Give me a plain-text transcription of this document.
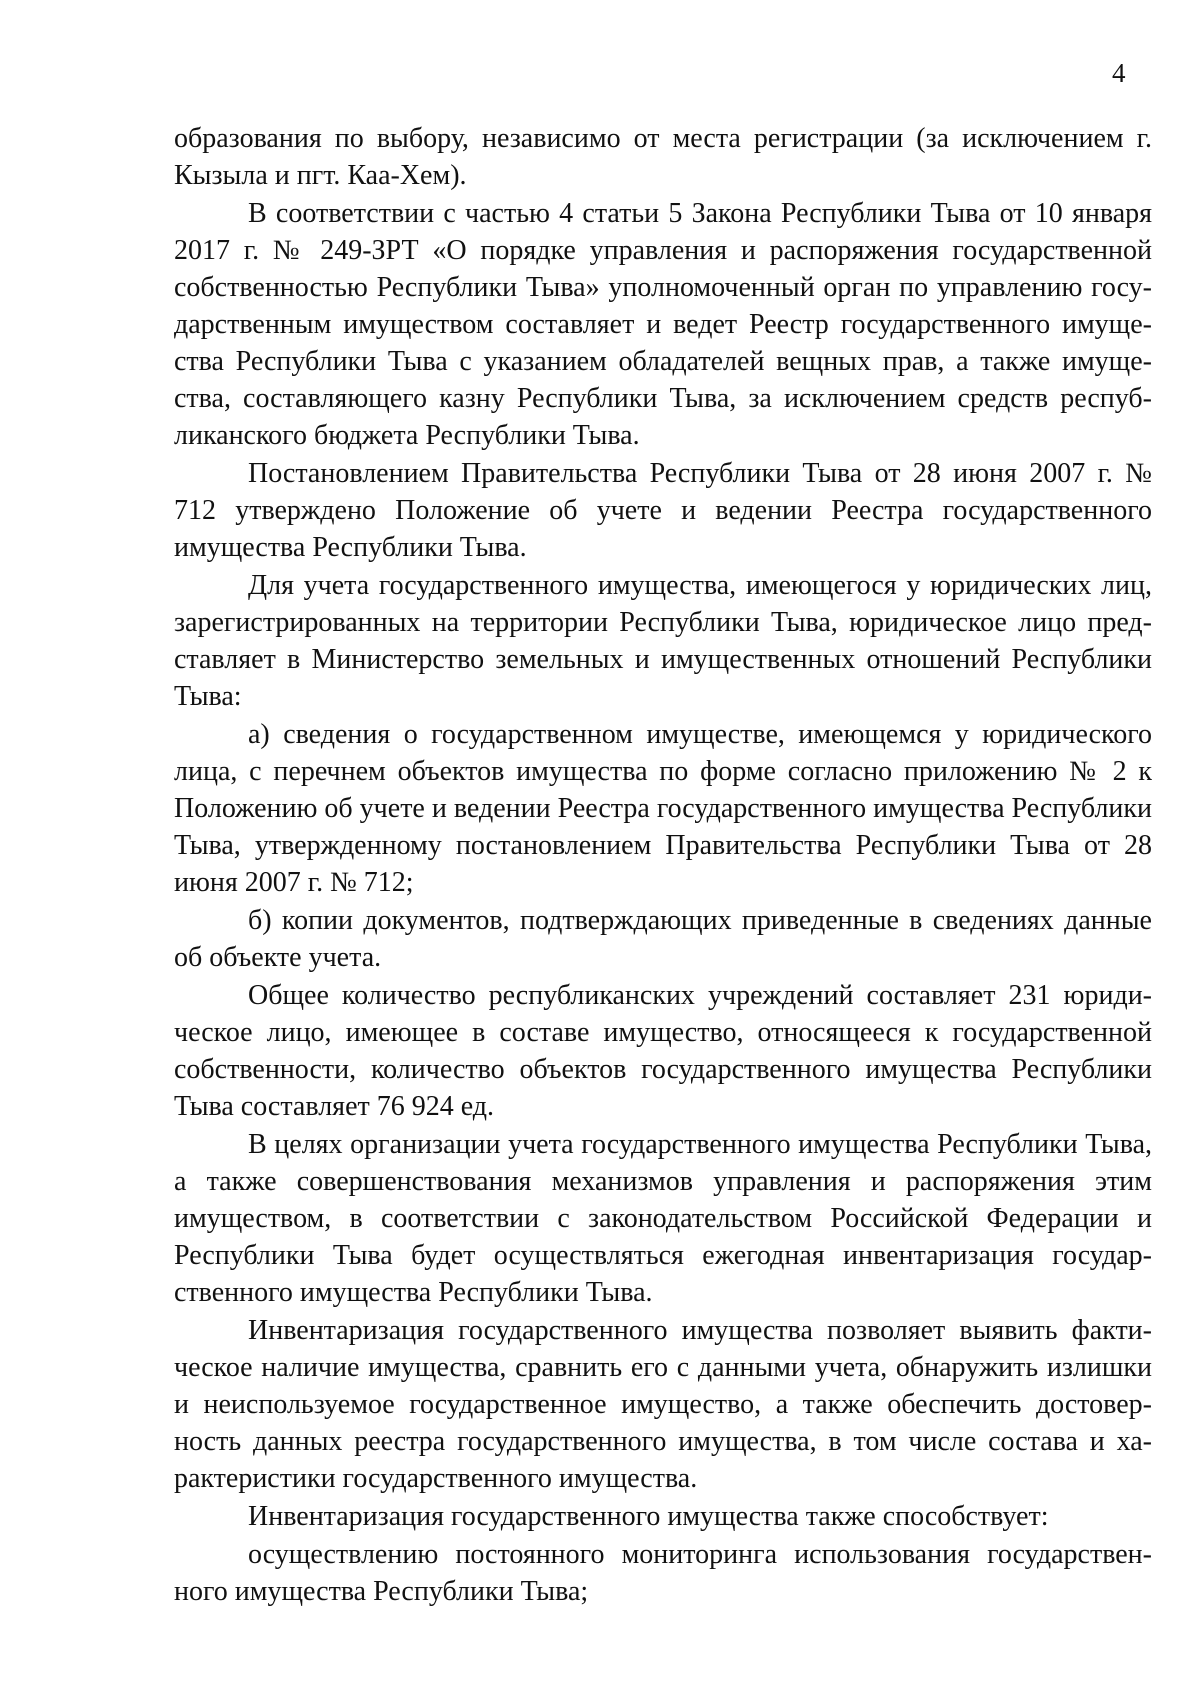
4

образования по выбору, независимо от места регистрации (за исключением г. Кызыла и пгт. Каа-Хем).

В соответствии с частью 4 статьи 5 Закона Республики Тыва от 10 января 2017 г. № 249-ЗРТ «О порядке управления и распоряжения государственной собственностью Республики Тыва» уполномоченный орган по управлению государственным имуществом составляет и ведет Реестр государственного имущества Республики Тыва с указанием обладателей вещных прав, а также имущества, составляющего казну Республики Тыва, за исключением средств республиканского бюджета Республики Тыва.

Постановлением Правительства Республики Тыва от 28 июня 2007 г. № 712 утверждено Положение об учете и ведении Реестра государственного имущества Республики Тыва.

Для учета государственного имущества, имеющегося у юридических лиц, зарегистрированных на территории Республики Тыва, юридическое лицо представляет в Министерство земельных и имущественных отношений Республики Тыва:

а) сведения о государственном имуществе, имеющемся у юридического лица, с перечнем объектов имущества по форме согласно приложению № 2 к Положению об учете и ведении Реестра государственного имущества Республики Тыва, утвержденному постановлением Правительства Республики Тыва от 28 июня 2007 г. № 712;

б) копии документов, подтверждающих приведенные в сведениях данные об объекте учета.

Общее количество республиканских учреждений составляет 231 юридическое лицо, имеющее в составе имущество, относящееся к государственной собственности, количество объектов государственного имущества Республики Тыва составляет 76 924 ед.

В целях организации учета государственного имущества Республики Тыва, а также совершенствования механизмов управления и распоряжения этим имуществом, в соответствии с законодательством Российской Федерации и Республики Тыва будет осуществляться ежегодная инвентаризация государственного имущества Республики Тыва.

Инвентаризация государственного имущества позволяет выявить фактическое наличие имущества, сравнить его с данными учета, обнаружить излишки и неиспользуемое государственное имущество, а также обеспечить достоверность данных реестра государственного имущества, в том числе состава и характеристики государственного имущества.

Инвентаризация государственного имущества также способствует:

осуществлению постоянного мониторинга использования государственного имущества Республики Тыва;
